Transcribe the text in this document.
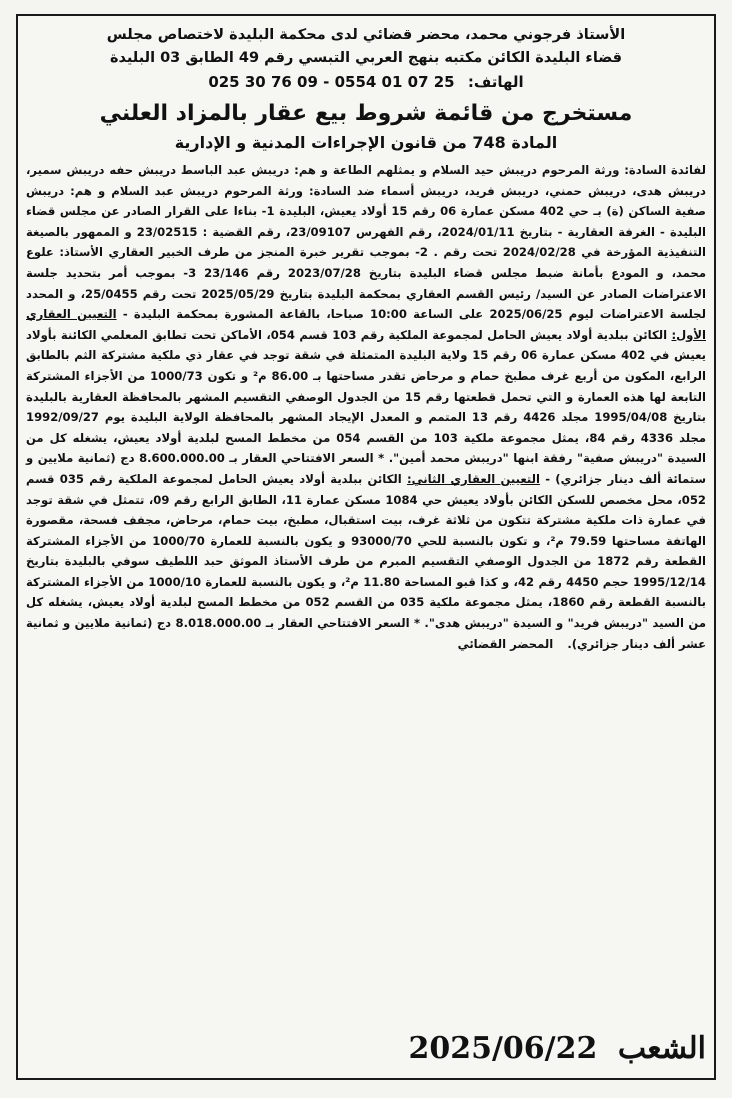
الأستاذ فرجوني محمد، محضر قضائي لدى محكمة البليدة لاختصاص مجلس

قضاء البليدة الكائن مكتبه بنهج العربي التبسي رقم 49 الطابق 03 البليدة

الهاتف: 025 30 76 09 - 0554 01 07 25

مستخرج من قائمة شروط بيع عقار بالمزاد العلني

المادة 748 من قانون الإجراءات المدنية و الإدارية

لفائدة السادة: ورثة المرحوم دريبش حيد السلام و يمثلهم الطاعة و هم: دريبش عبد الباسط دريبش حفه دريبش سمير، دريبش هدى، دريبش حمني، دريبش فريد، دريبش أسماء ضد السادة: ورثة المرحوم دريبش عبد السلام و هم: دريبش صفية الساكن (ة) بـ حي 402 مسكن عمارة 06 رقم 15 أولاد يعيش، البليدة 1- بناءا على القرار الصادر عن مجلس قضاء البليدة - الغرفة العقارية - بتاريخ 2024/01/11، رقم الفهرس 23/09107، رقم القضية : 23/02515 و الممهور بالصيغة التنفيذية المؤرخة في 2024/02/28 تحت رقم . 2- بموجب تقرير خبرة المنجز من طرف الخبير العقاري الأستاذ: علوع محمد، و المودع بأمانة ضبط مجلس قضاء البليدة بتاريخ 2023/07/28 رقم 23/146 3- بموجب أمر بتحديد جلسة الاعتراضات الصادر عن السيد/ رئيس القسم العقاري بمحكمة البليدة بتاريخ 2025/05/29 تحت رقم 25/0455، و المحدد لجلسة الاعتراضات ليوم 2025/06/25 على الساعة 10:00 صباحا، بالقاعة المشورة بمحكمة البليدة - التعيين العقاري الأول: الكائن ببلدية أولاد يعيش الحامل لمجموعة الملكية رقم 103 قسم 054، الأماكن تحت تطابق المعلمي الكائنة بأولاد يعيش في 402 مسكن عمارة 06 رقم 15 ولاية البليدة المتمثلة في شقة توجد في عقار ذي ملكية مشتركة الثم بالطابق الرابع، المكون من أربع غرف مطبخ حمام و مرحاض تقدر مساحتها بـ 86.00 م² و تكون 1000/73 من الأجزاء المشتركة التابعة لها هذه العمارة و التي تحمل قطعتها رقم 15 من الجدول الوصفي التقسيم المشهر بالمحافظة العقارية بالبليدة بتاريخ 1995/04/08 مجلد 4426 رقم 13 المتمم و المعدل الإيجاد المشهر بالمحافظة الولاية البليدة يوم 1992/09/27 مجلد 4336 رقم 84، يمثل مجموعة ملكية 103 من القسم 054 من مخطط المسح لبلدية أولاد يعيش، يشغله كل من السيدة "دريبش صفية" رفقة ابنها "دريبش محمد أمين". * السعر الافتتاحي العقار بـ 8.600.000.00 دج (ثمانية ملايين و ستمائة ألف دينار جزائري) - التعيين العقاري الثاني: الكائن ببلدية أولاد يعيش الحامل لمجموعة الملكية رقم 035 قسم 052، محل مخصص للسكن الكائن بأولاد يعيش حي 1084 مسكن عمارة 11، الطابق الرابع رقم 09، تتمثل في شقة توجد في عمارة ذات ملكية مشتركة تتكون من ثلاثة غرف، بيت استقبال، مطبخ، بيت حمام، مرحاض، مجفف فسحة، مقصورة الهاتفة مساحتها 79.59 م²، و تكون بالنسبة للحي 93000/70 و يكون بالنسبة للعمارة 1000/70 من الأجزاء المشتركة القطعة رقم 1872 من الجدول الوصفي التقسيم المبرم من طرف الأستاذ الموثق حبد اللطيف سوفي بالبليدة بتاريخ 1995/12/14 حجم 4450 رقم 42، و كذا قبو المساحة 11.80 م²، و يكون بالنسبة للعمارة 1000/10 من الأجزاء المشتركة بالنسبة القطعة رقم 1860، يمثل مجموعة ملكية 035 من القسم 052 من مخطط المسح لبلدية أولاد يعيش، يشغله كل من السيد "دريبش فريد" و السيدة "دريبش هدى". * السعر الافتتاحي العقار بـ 8.018.000.00 دج (ثمانية ملايين و ثمانية عشر ألف دينار جزائري). المحضر القضائي

الشعب 2025/06/22
